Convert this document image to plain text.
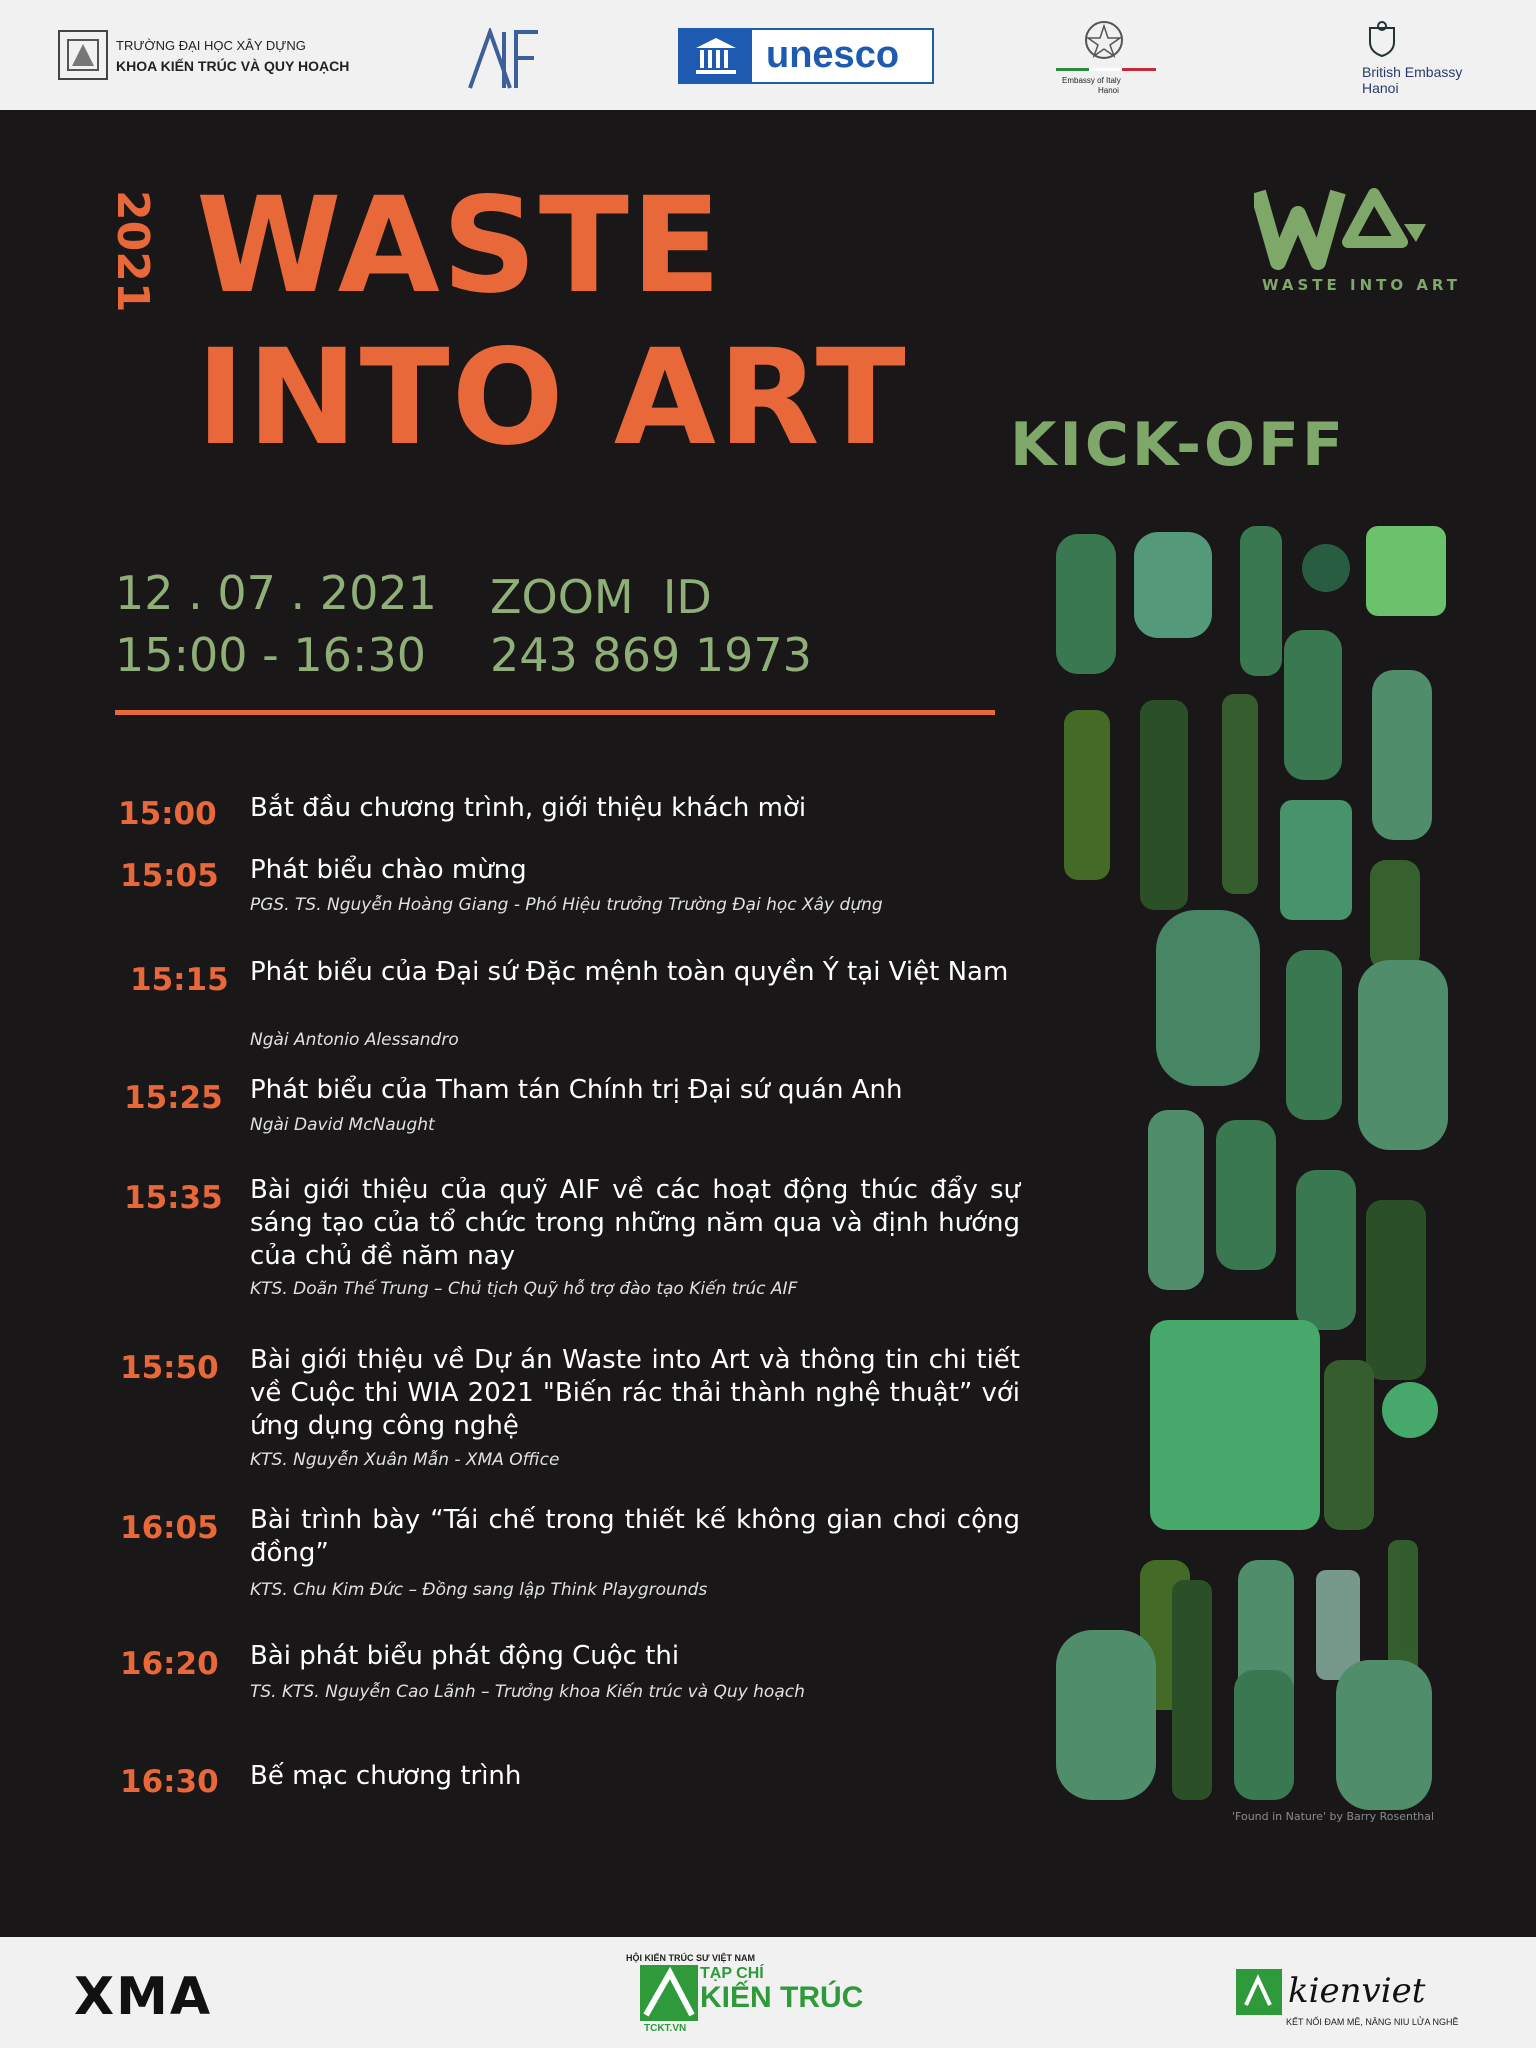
TRƯỜNG ĐẠI HỌC XÂY DỰNG
KHOA KIẾN TRÚC VÀ QUY HOẠCH	unesco
Embassy of Italy
Hanoi
British Embassy
Hanoi
2021 WASTE
INTO ART KICK-OFF
WASTE INTO ART
12 . 07 . 2021
15:00 - 16:30
ZOOM  ID
243 869 1973
15:00 Bắt đầu chương trình, giới thiệu khách mời
15:05 Phát biểu chào mừng
PGS. TS. Nguyễn Hoàng Giang - Phó Hiệu trưởng Trường Đại học Xây dựng
15:15 Phát biểu của Đại sứ Đặc mệnh toàn quyền Ý tại Việt Nam
Ngài Antonio Alessandro
15:25 Phát biểu của Tham tán Chính trị Đại sứ quán Anh
Ngài David McNaught
15:35 Bài giới thiệu của quỹ AIF về các hoạt động thúc đẩy sự sáng tạo của tổ chức trong những năm qua và định hướng của chủ đề năm nay
KTS. Doãn Thế Trung – Chủ tịch Quỹ hỗ trợ đào tạo Kiến trúc AIF
15:50 Bài giới thiệu về Dự án Waste into Art và thông tin chi tiết về Cuộc thi WIA 2021 "Biến rác thải thành nghệ thuật” với ứng dụng công nghệ
KTS. Nguyễn Xuân Mẫn - XMA Office
16:05 Bài trình bày “Tái chế trong thiết kế không gian chơi cộng đồng”
KTS. Chu Kim Đức – Đồng sang lập Think Playgrounds
16:20 Bài phát biểu phát động Cuộc thi
TS. KTS. Nguyễn Cao Lãnh – Trưởng khoa Kiến trúc và Quy hoạch
16:30 Bế mạc chương trình
'Found in Nature' by Barry Rosenthal
XMA
HỘI KIẾN TRÚC SƯ VIỆT NAM
TẠP CHÍ
KIẾN TRÚC
TCKT.VN
kienviet
KẾT NỐI ĐAM MÊ, NÂNG NIU LỬA NGHỀ
